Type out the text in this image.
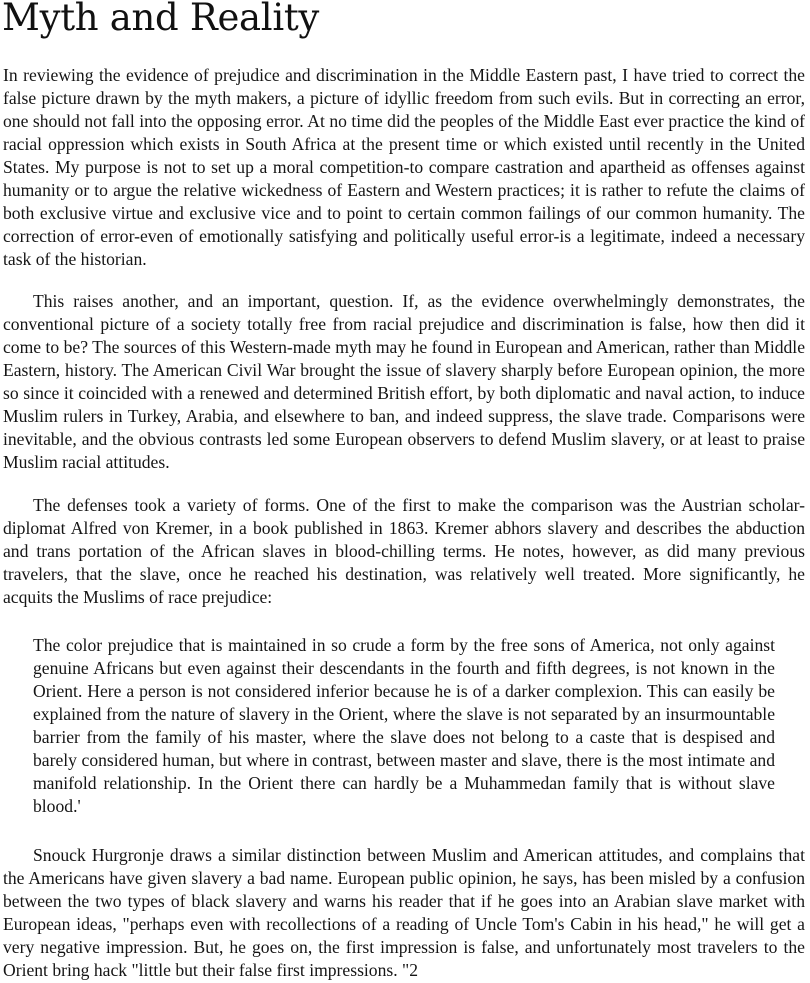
Myth and Reality

In reviewing the evidence of prejudice and discrimination in the Middle Eastern past, I have tried to correct the false picture drawn by the myth makers, a picture of idyllic freedom from such evils. But in correcting an error, one should not fall into the opposing error. At no time did the peoples of the Middle East ever practice the kind of racial oppression which exists in South Africa at the present time or which existed until recently in the United States. My purpose is not to set up a moral competition-to compare castration and apartheid as offenses against humanity or to argue the relative wickedness of Eastern and Western practices; it is rather to refute the claims of both exclusive virtue and exclusive vice and to point to certain common failings of our common humanity. The correction of error-even of emotionally satisfying and politically useful error-is a legitimate, indeed a necessary task of the historian.

This raises another, and an important, question. If, as the evidence overwhelmingly demonstrates, the conventional picture of a society totally free from racial prejudice and discrimination is false, how then did it come to be? The sources of this Western-made myth may he found in European and American, rather than Middle Eastern, history. The American Civil War brought the issue of slavery sharply before European opinion, the more so since it coincided with a renewed and determined British effort, by both diplomatic and naval action, to induce Muslim rulers in Turkey, Arabia, and elsewhere to ban, and indeed suppress, the slave trade. Comparisons were inevitable, and the obvious contrasts led some European observers to defend Muslim slavery, or at least to praise Muslim racial attitudes.

The defenses took a variety of forms. One of the first to make the comparison was the Austrian scholar-diplomat Alfred von Kremer, in a book published in 1863. Kremer abhors slavery and describes the abduction and trans portation of the African slaves in blood-chilling terms. He notes, however, as did many previous travelers, that the slave, once he reached his destination, was relatively well treated. More significantly, he acquits the Muslims of race prejudice:

The color prejudice that is maintained in so crude a form by the free sons of America, not only against genuine Africans but even against their descendants in the fourth and fifth degrees, is not known in the Orient. Here a person is not considered inferior because he is of a darker complexion. This can easily be explained from the nature of slavery in the Orient, where the slave is not separated by an insurmountable barrier from the family of his master, where the slave does not belong to a caste that is despised and barely considered human, but where in contrast, between master and slave, there is the most intimate and manifold relationship. In the Orient there can hardly be a Muhammedan family that is without slave blood.'

Snouck Hurgronje draws a similar distinction between Muslim and American attitudes, and complains that the Americans have given slavery a bad name. European public opinion, he says, has been misled by a confusion between the two types of black slavery and warns his reader that if he goes into an Arabian slave market with European ideas, "perhaps even with recollections of a reading of Uncle Tom's Cabin in his head," he will get a very negative impression. But, he goes on, the first impression is false, and unfortunately most travelers to the Orient bring hack "little but their false first impressions. "2
